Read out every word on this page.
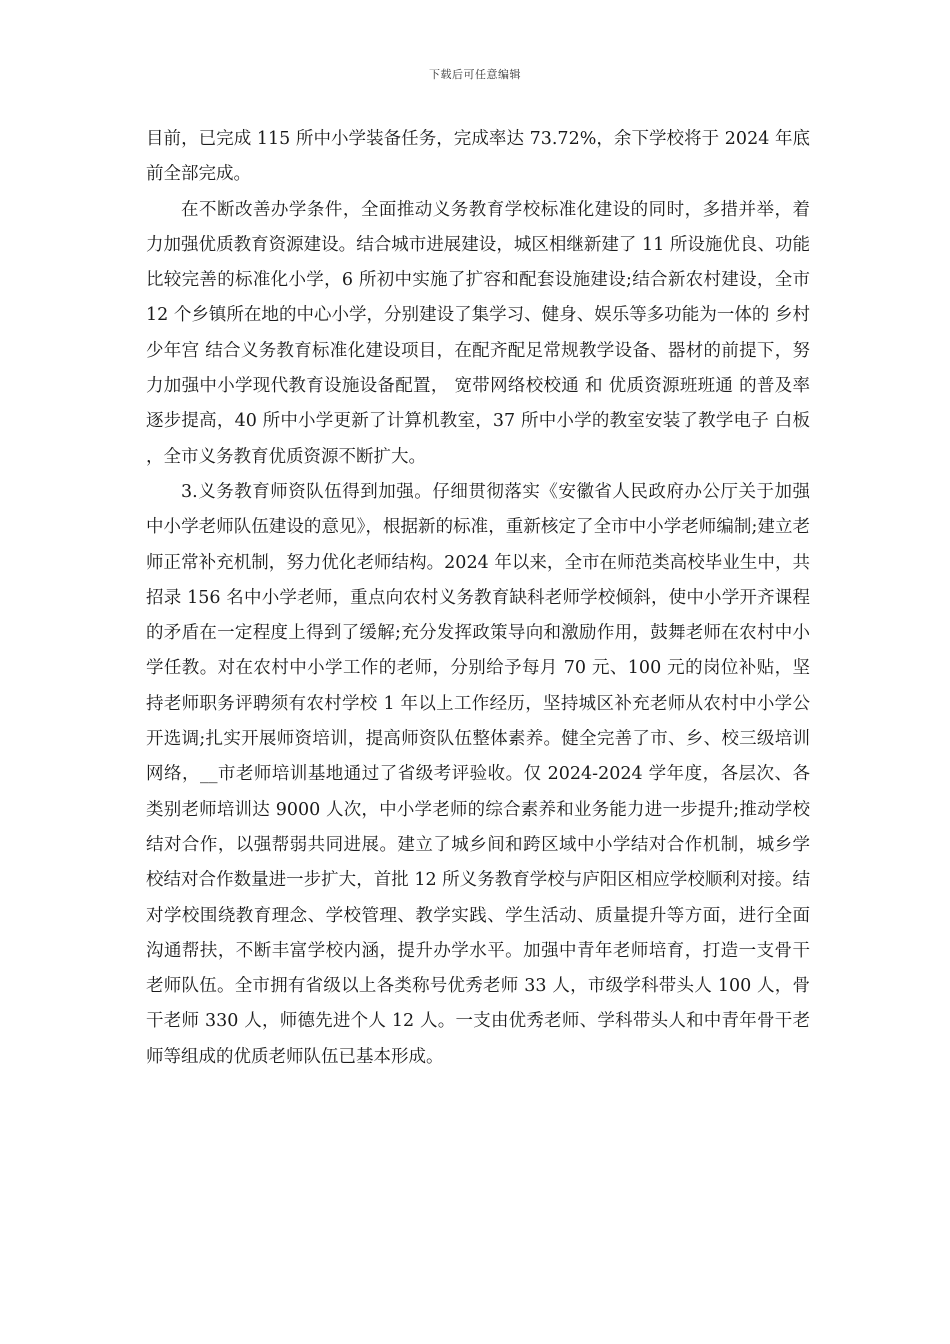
下载后可任意编辑

目前，已完成 115 所中小学装备任务，完成率达 73.72%，余下学校将于 2024 年底前全部完成。

在不断改善办学条件，全面推动义务教育学校标准化建设的同时，多措并举，着力加强优质教育资源建设。结合城市进展建设，城区相继新建了 11 所设施优良、功能比较完善的标准化小学，6 所初中实施了扩容和配套设施建设;结合新农村建设，全市 12 个乡镇所在地的中心小学，分别建设了集学习、健身、娱乐等多功能为一体的 乡村少年宫 结合义务教育标准化建设项目，在配齐配足常规教学设备、器材的前提下，努力加强中小学现代教育设施设备配置， 宽带网络校校通 和 优质资源班班通 的普及率逐步提高，40 所中小学更新了计算机教室，37 所中小学的教室安装了教学电子 白板 ，全市义务教育优质资源不断扩大。

3.义务教育师资队伍得到加强。仔细贯彻落实《安徽省人民政府办公厅关于加强中小学老师队伍建设的意见》，根据新的标准，重新核定了全市中小学老师编制;建立老师正常补充机制，努力优化老师结构。2024 年以来，全市在师范类高校毕业生中，共招录 156 名中小学老师，重点向农村义务教育缺科老师学校倾斜，使中小学开齐课程的矛盾在一定程度上得到了缓解;充分发挥政策导向和激励作用，鼓舞老师在农村中小学任教。对在农村中小学工作的老师，分别给予每月 70 元、100 元的岗位补贴，坚持老师职务评聘须有农村学校 1 年以上工作经历，坚持城区补充老师从农村中小学公开选调;扎实开展师资培训，提高师资队伍整体素养。健全完善了市、乡、校三级培训网络，__市老师培训基地通过了省级考评验收。仅 2024-2024 学年度，各层次、各类别老师培训达 9000 人次，中小学老师的综合素养和业务能力进一步提升;推动学校结对合作，以强帮弱共同进展。建立了城乡间和跨区域中小学结对合作机制，城乡学校结对合作数量进一步扩大，首批 12 所义务教育学校与庐阳区相应学校顺利对接。结对学校围绕教育理念、学校管理、教学实践、学生活动、质量提升等方面，进行全面沟通帮扶，不断丰富学校内涵，提升办学水平。加强中青年老师培育，打造一支骨干老师队伍。全市拥有省级以上各类称号优秀老师 33 人，市级学科带头人 100 人，骨干老师 330 人，师德先进个人 12 人。一支由优秀老师、学科带头人和中青年骨干老师等组成的优质老师队伍已基本形成。
